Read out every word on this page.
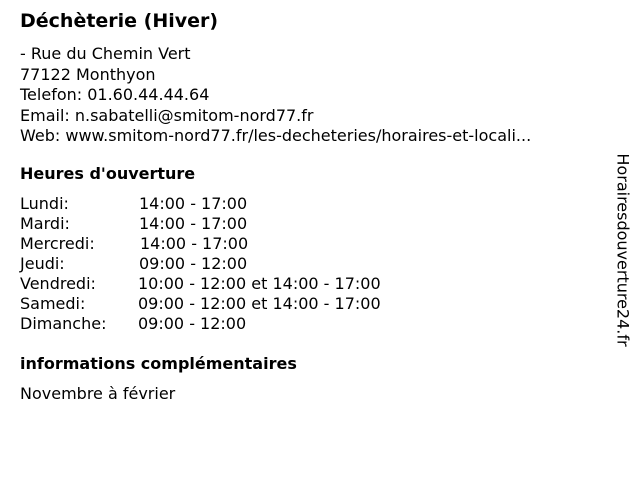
Déchèterie (Hiver)
- Rue du Chemin Vert
77122 Monthyon
Telefon: 01.60.44.44.64
Email: n.sabatelli@smitom-nord77.fr
Web: www.smitom-nord77.fr/les-decheteries/horaires-et-locali...
Heures d'ouverture
Lundi:	14:00 - 17:00
Mardi:	14:00 - 17:00
Mercredi:	14:00 - 17:00
Jeudi:	09:00 - 12:00
Vendredi:	10:00 - 12:00 et 14:00 - 17:00
Samedi:	09:00 - 12:00 et 14:00 - 17:00
Dimanche: 09:00 - 12:00
informations complémentaires
Novembre à février
Horairesdouverture24.fr
